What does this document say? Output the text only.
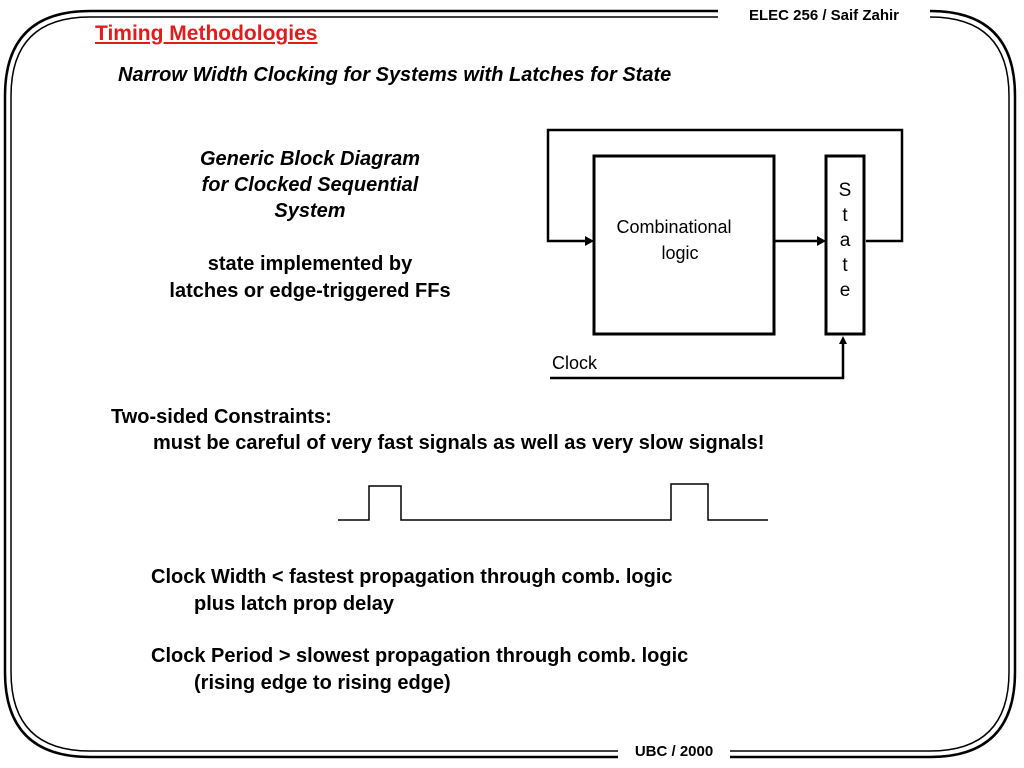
ELEC 256 / Saif Zahir
UBC / 2000
Timing Methodologies
Narrow Width Clocking for Systems with Latches for State
Generic Block Diagram
for Clocked Sequential
System
state implemented by
latches or edge-triggered FFs
Combinational
logic
S
t
a
t
e
Clock
Two-sided Constraints:
must be careful of very fast signals as well as very slow signals!
Clock Width < fastest propagation through comb. logic
plus latch prop delay
Clock Period > slowest propagation through comb. logic
(rising edge to rising edge)
